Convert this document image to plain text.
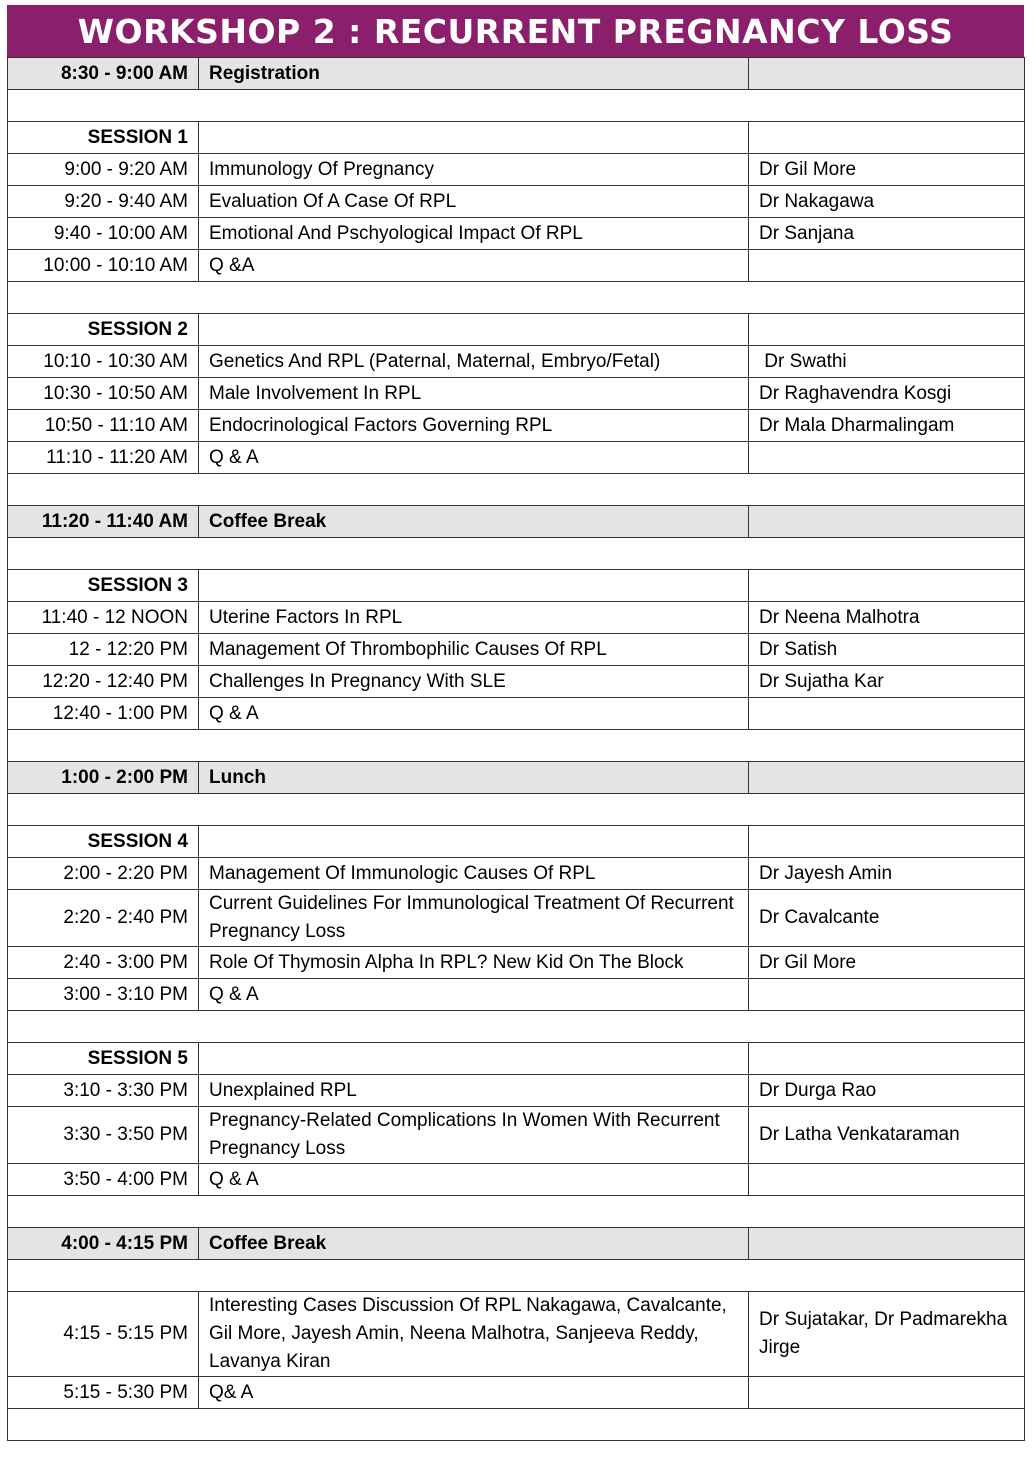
WORKSHOP 2 : RECURRENT PREGNANCY LOSS
8:30 - 9:00 AM	Registration	

SESSION 1		
9:00 - 9:20 AM	Immunology Of Pregnancy	Dr Gil More
9:20 - 9:40 AM	Evaluation Of A Case Of RPL	Dr Nakagawa
9:40 - 10:00 AM	Emotional And Pschyological Impact Of RPL	Dr Sanjana
10:00 - 10:10 AM	Q &A	

SESSION 2		
10:10 - 10:30 AM	Genetics And RPL (Paternal, Maternal, Embryo/Fetal)	Dr Swathi
10:30 - 10:50 AM	Male Involvement In RPL	Dr Raghavendra Kosgi
10:50 - 11:10 AM	Endocrinological Factors Governing RPL	Dr Mala Dharmalingam
11:10 - 11:20 AM	Q & A	

11:20 - 11:40 AM	Coffee Break	

SESSION 3		
11:40 - 12 NOON	Uterine Factors In RPL	Dr Neena Malhotra
12 - 12:20 PM	Management Of Thrombophilic Causes Of RPL	Dr Satish
12:20 - 12:40 PM	Challenges In Pregnancy With SLE	Dr Sujatha Kar
12:40 - 1:00 PM	Q & A	

1:00 - 2:00 PM	Lunch	

SESSION 4		
2:00 - 2:20 PM	Management Of Immunologic Causes Of RPL	Dr Jayesh Amin
2:20 - 2:40 PM	Current Guidelines For Immunological Treatment Of Recurrent Pregnancy Loss	Dr Cavalcante
2:40 - 3:00 PM	Role Of Thymosin Alpha In RPL? New Kid On The Block	Dr Gil More
3:00 - 3:10 PM	Q & A	

SESSION 5		
3:10 - 3:30 PM	Unexplained RPL	Dr Durga Rao
3:30 - 3:50 PM	Pregnancy-Related Complications In Women With Recurrent Pregnancy Loss	Dr Latha Venkataraman
3:50 - 4:00 PM	Q & A	

4:00 - 4:15 PM	Coffee Break	

4:15 - 5:15 PM	Interesting Cases Discussion Of RPL Nakagawa, Cavalcante, Gil More, Jayesh Amin, Neena Malhotra, Sanjeeva Reddy, Lavanya Kiran	Dr Sujatakar, Dr Padmarekha Jirge
5:15 - 5:30 PM	Q& A	
